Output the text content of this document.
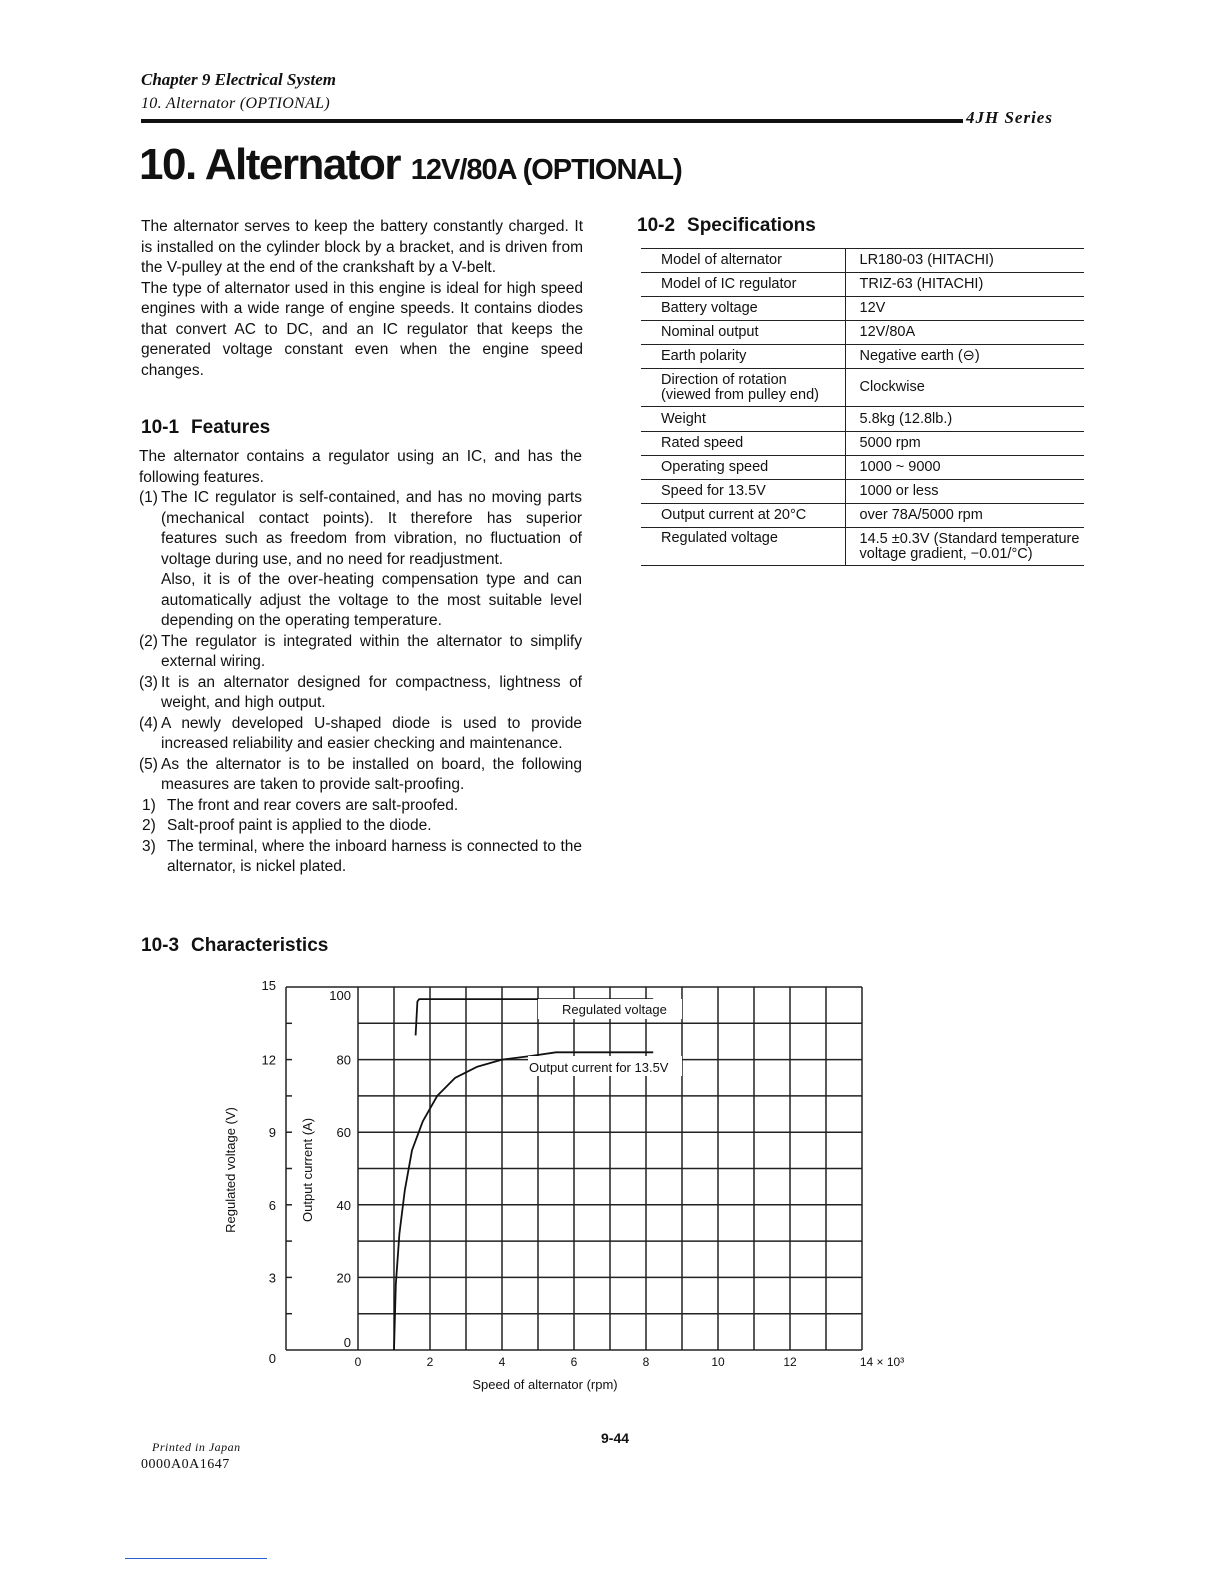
Chapter 9 Electrical System
10. Alternator (OPTIONAL)
4JH Series
10. Alternator 12V/80A (OPTIONAL)

The alternator serves to keep the battery constantly charged. It is installed on the cylinder block by a bracket, and is driven from the V-pulley at the end of the crankshaft by a V-belt.

The type of alternator used in this engine is ideal for high speed engines with a wide range of engine speeds. It contains diodes that convert AC to DC, and an IC regulator that keeps the generated voltage constant even when the engine speed changes.

10-1 Features

The alternator contains a regulator using an IC, and has the following features.

(1) The IC regulator is self-contained, and has no moving parts (mechanical contact points). It therefore has superior features such as freedom from vibration, no fluctuation of voltage during use, and no need for readjustment.
Also, it is of the over-heating compensation type and can automatically adjust the voltage to the most suitable level depending on the operating temperature.
(2) The regulator is integrated within the alternator to simplify external wiring.
(3) It is an alternator designed for compactness, lightness of weight, and high output.
(4) A newly developed U-shaped diode is used to provide increased reliability and easier checking and maintenance.
(5) As the alternator is to be installed on board, the following measures are taken to provide salt-proofing.
1) The front and rear covers are salt-proofed.
2) Salt-proof paint is applied to the diode.
3) The terminal, where the inboard harness is connected to the alternator, is nickel plated.
10-2 Specifications
Model of alternator	LR180-03 (HITACHI)
Model of IC regulator	TRIZ-63 (HITACHI)
Battery voltage	12V
Nominal output	12V/80A
Earth polarity	Negative earth (⊖)
Direction of rotation (viewed from pulley end)	Clockwise
Weight	5.8kg (12.8lb.)
Rated speed	5000 rpm
Operating speed	1000 ~ 9000
Speed for 13.5V	1000 or less
Output current at 20°C	over 78A/5000 rpm
Regulated voltage	14.5 ±0.3V (Standard temperature voltage gradient, −0.01/°C)
10-3 Characteristics
0
3
6
9
12
15
0
20
40
60
80
100
0	2	4	6	8	10	12	14 × 10³
Regulated voltage
Output current for 13.5V
Speed of alternator (rpm)
Regulated voltage (V)	Output current (A)
Printed in Japan
0000A0A1647
9-44
